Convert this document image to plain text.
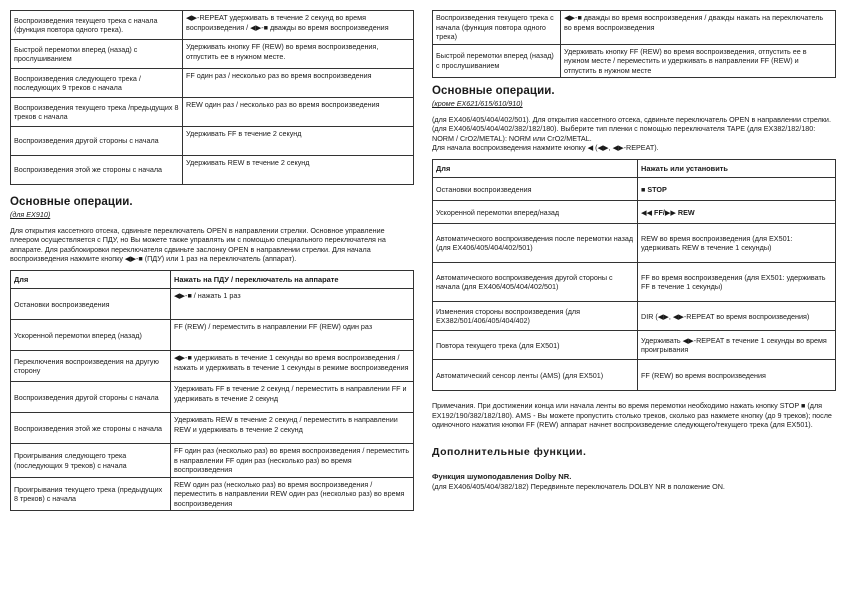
Воспроизведения текущего трека с начала (функция повтора одного трека).	◀▶-REPEAT удерживать в течение 2 секунд во время воспроизведения / ◀▶-■ дважды во время воспроизведения
Быстрой перемотки вперед (назад) с прослушиванием	Удерживать кнопку FF (REW) во время воспроизведения, отпустить ее в нужном месте.
Воспроизведения следующего трека /последующих 9 треков с начала	FF один раз / несколько раз во время воспроизведения
Воспроизведения текущего трека /предыдущих 8 треков с начала	REW один раз / несколько раз во время воспроизведения
Воспроизведения другой стороны с начала	Удерживать FF в течение 2 секунд
Воспроизведения этой же стороны с начала	Удерживать REW в течение 2 секунд
Основные операции.
(для EX910)

Для открытия кассетного отсека, сдвиньте переключатель OPEN в направлении стрелки. Основное управление плеером осуществляется с ПДУ, но Вы можете также управлять им с помощью специального переключателя на аппарате. Для разблокировки переключателя сдвиньте заслонку OPEN в направлении стрелки. Для начала воспроизведения нажмите кнопку ◀▶-■ (ПДУ) или 1 раз на переключатель (аппарат).

Для	Нажать на ПДУ / переключатель на аппарате
Остановки воспроизведения	◀▶-■ / нажать 1 раз
Ускоренной перемотки вперед (назад)	FF (REW) / переместить в направлении FF (REW) один раз
Переключения воспроизведения на другую сторону	◀▶-■ удерживать в течение 1 секунды во время воспроизведения / нажать и удерживать в течение 1 секунды в режиме воспроизведения
Воспроизведения другой стороны с начала	Удерживать FF в течение 2 секунд / переместить в направлении FF и удерживать в течение 2 секунд
Воспроизведения этой же стороны с начала	Удерживать REW в течение 2 секунд / переместить в направлении REW и удерживать в течение 2 секунд
Проигрывания следующего трека (последующих 9 треков) с начала	FF один раз (несколько раз) во время воспроизведения / переместить в направлении FF один раз (несколько раз) во время воспроизведения
Проигрывания текущего трека (предыдущих 8 треков) с начала	REW один раз (несколько раз) во время воспроизведения / переместить в направлении REW один раз (несколько раз) во время воспроизведения
Воспроизведения текущего трека с начала (функция повтора одного трека)	◀▶-■ дважды во время воспроизведения / дважды нажать на переключатель во время воспроизведения
Быстрой перемотки вперед (назад) с прослушиванием	Удерживать кнопку FF (REW) во время воспроизведения, отпустить ее в нужном месте / переместить и удерживать в направлении FF (REW) и отпустить в нужном месте
Основные операции.
(кроме EX621/615/610/910)

(для EX406/405/404/402/501). Для открытия кассетного отсека, сдвиньте переключатель OPEN в направлении стрелки.

(для EX406/405/404/402/382/182/180). Выберите тип пленки с помощью переключателя TAPE (для EX382/182/180: NORM / CrO2/METAL): NORM или CrO2/METAL.

Для начала воспроизведения нажмите кнопку ◀ (◀▶, ◀▶-REPEAT).

Для	Нажать или установить
Остановки воспроизведения	■ STOP
Ускоренной перемотки вперед/назад	◀◀ FF/▶▶ REW
Автоматического воспроизведения после перемотки назад (для EX406/405/404/402/501)	REW во время воспроизведения (для EX501: удерживать REW в течение 1 секунды)
Автоматического воспроизведения другой стороны с начала (для EX406/405/404/402/501)	FF во время воспроизведения (для EX501: удерживать FF в течение 1 секунды)
Изменения стороны воспроизведения (для EX382/501/406/405/404/402)	DIR (◀▶, ◀▶-REPEAT во время воспроизведения)
Повтора текущего трека (для EX501)	Удерживать ◀▶-REPEAT в течение 1 секунды во время проигрывания
Автоматический сенсор ленты (AMS) (для EX501)	FF (REW) во время воспроизведения

Примечания. При достижении конца или начала ленты во время перемотки необходимо нажать кнопку STOP ■ (для EX192/190/382/182/180). AMS - Вы можете пропустить столько треков, сколько раз нажмете кнопку (до 9 треков); после одиночного нажатия кнопки FF (REW) аппарат начнет воспроизведение следующего/текущего трека (для EX501).

Дополнительные функции.
Функция шумоподавления Dolby NR.

(для EX406/405/404/382/182) Передвиньте переключатель DOLBY NR в положение ON.
